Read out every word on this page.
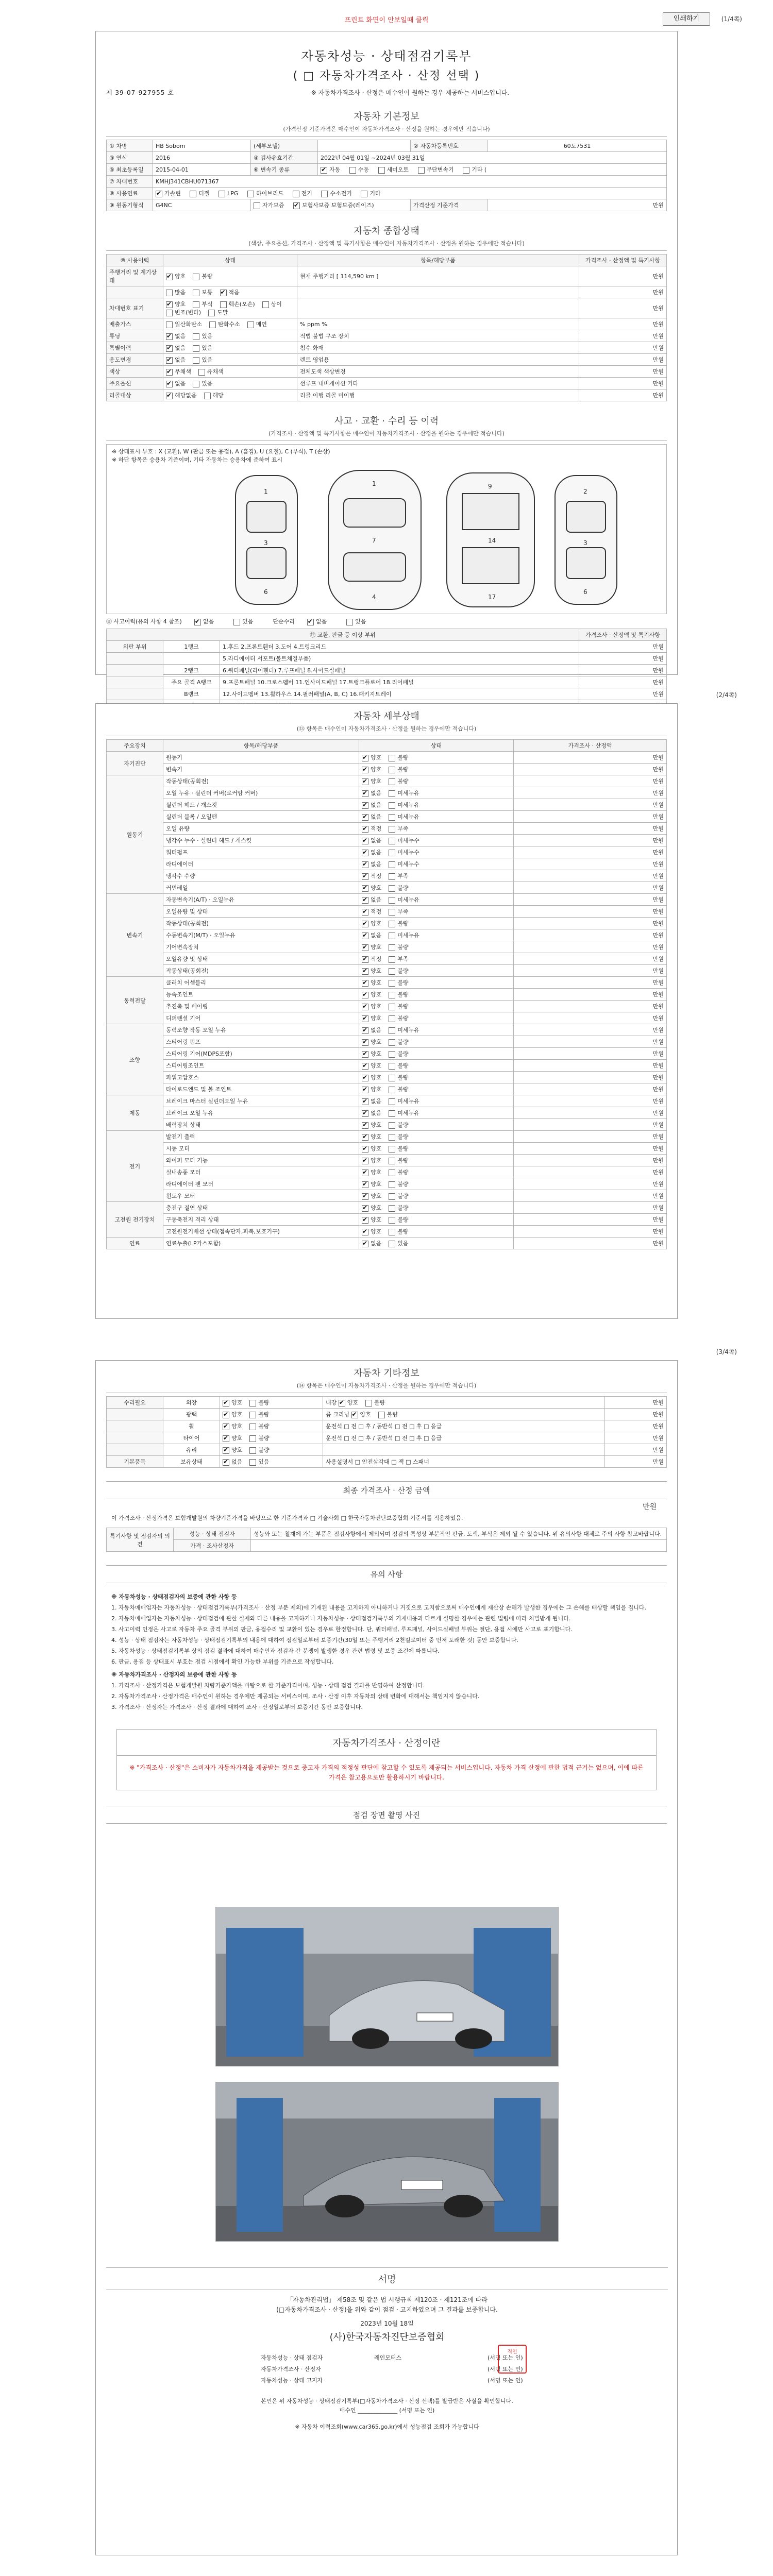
프린트 화면이 안보일때 클릭	인쇄하기	(1/4쪽)
자동차성능 · 상태점검기록부
( □ 자동차가격조사 · 산정 선택 )
제 39-07-927955 호	※ 자동차가격조사 · 산정은 매수인이 원하는 경우 제공하는 서비스입니다.
자동차 기본정보
(가격산정 기준가격은 매수인이 자동차가격조사 · 산정을 원하는 경우에만 적습니다)
① 차명	HB Sobom	(세부모델)		② 자동차등록번호	60도7531
③ 연식	2016	④ 검사유효기간	2022년 04월 01일 ~2024년 03월 31일		
⑤ 최초등록일	2015-04-01	⑥ 변속기 종류	✔자동 수동 세미오토 무단변속기 기타 (
⑦ 차대번호	KMHJ341CBHU071367				
⑧ 사용연료	✔가솔린 디젤 LPG 하이브리드 전기 수소전기 기타
⑨ 원동기형식	G4NC	자가보증 ✔ 보험사보증 보험보증(레이즈)		가격산정 기준가격	만원
자동차 종합상태
(색상, 주요옵션, 가격조사 · 산정액 및 특기사항은 매수인이 자동차가격조사 · 산정을 원하는 경우에만 적습니다)
⑩ 사용이력	상태	항목/해당부품	가격조사 · 산정액 및 특기사항
주행거리 및 계기상태	✔양호 불량	현재 주행거리 [ 114,590 km ]	만원
	많음 보통 ✔ 적음		만원
차대번호 표기	✔양호 부식 훼손(오손) 상이변조(변타) 도말		만원
배출가스	일산화탄소 탄화수소 매연	% ppm %	만원
튜닝	✔없음 있음	적법 불법 구조 장치	만원
특별이력	✔없음 있음	침수 화재	만원
용도변경	✔없음 있음	렌트 영업용	만원
색상	✔무채색 유채색	전체도색 색상변경	만원
주요옵션	✔없음 있음	선루프 내비게이션 기타	만원
리콜대상	✔해당없음 해당	리콜 이행 리콜 미이행	만원
사고 · 교환 · 수리 등 이력
(가격조사 · 산정액 및 특기사항은 매수인이 자동차가격조사 · 산정을 원하는 경우에만 적습니다)
※ 상태표시 부호 : X (교환), W (판금 또는 용접), A (흠집), U (요철), C (부식), T (손상)
※ 하단 항목은 승용차 기준이며, 기타 자동차는 승용차에 준하여 표시
1
3
6
1
7
4
9
14
17
2
3
6
⑪ 사고이력(유의 사항 4 참조) ✔	없음	있음	단순수리 ✔	없음	있음
⑫ 교환, 판금 등 이상 부위			가격조사 · 산정액 및 특기사항
외판 부위	1랭크	1.후드 2.프론트휀더 3.도어 4.트렁크리드	만원
		5.라디에이터 서포트(볼트체결부품)	만원
	2랭크	6.쿼터패널(리어휀더) 7.루프패널 8.사이드실패널	만원
	주요 골격 A랭크	9.프론트패널 10.크로스멤버 11.인사이드패널 17.트렁크플로어 18.리어패널	만원
	B랭크	12.사이드멤버 13.휠하우스 14.필러패널(A, B, C) 16.패키지트레이	만원
				(2/4쪽)
자동차 세부상태
(⑬ 항목은 매수인이 자동차가격조사 · 산정을 원하는 경우에만 적습니다)
주요장치	항목/해당부품	상태	가격조사 · 산정액
자기진단	원동기	✔양호 불량	만원
	변속기	✔양호 불량	만원
원동기	작동상태(공회전)	✔양호 불량	만원
	오일 누유 · 실린더 커버(로커암 커버)	✔없음 미세누유	만원
	실린더 헤드 / 개스킷	✔없음 미세누유	만원
	실린더 블록 / 오일팬	✔없음 미세누유	만원
	오일 유량	✔적정 부족	만원
	냉각수 누수 · 실린더 헤드 / 개스킷	✔없음 미세누수	만원
	워터펌프	✔없음 미세누수	만원
	라디에이터	✔없음 미세누수	만원
	냉각수 수량	✔적정 부족	만원
	커먼레일	✔양호 불량	만원
변속기	자동변속기(A/T) · 오일누유	✔없음 미세누유	만원
	오일유량 및 상태	✔적정 부족	만원
	작동상태(공회전)	✔양호 불량	만원
	수동변속기(M/T) · 오일누유	✔없음 미세누유	만원
	기어변속장치	✔양호 불량	만원
	오일유량 및 상태	✔적정 부족	만원
	작동상태(공회전)	✔양호 불량	만원
동력전달	클러치 어셈블리	✔양호 불량	만원
	등속조인트	✔양호 불량	만원
	추진축 및 베어링	✔양호 불량	만원
	디퍼렌셜 기어	✔양호 불량	만원
조향	동력조향 작동 오일 누유	✔없음 미세누유	만원
	스티어링 펌프	✔양호 불량	만원
	스티어링 기어(MDPS포함)	✔양호 불량	만원
	스티어링조인트	✔양호 불량	만원
	파워고압호스	✔양호 불량	만원
	타이로드엔드 및 볼 조인트	✔양호 불량	만원
제동	브레이크 마스터 실린더오일 누유	✔없음 미세누유	만원
	브레이크 오일 누유	✔없음 미세누유	만원
	배력장치 상태	✔양호 불량	만원
전기	발전기 출력	✔양호 불량	만원
	시동 모터	✔양호 불량	만원
	와이퍼 모터 기능	✔양호 불량	만원
	실내송풍 모터	✔양호 불량	만원
	라디에이터 팬 모터	✔양호 불량	만원
	윈도우 모터	✔양호 불량	만원
고전원 전기장치	충전구 절연 상태	✔양호 불량	만원
	구동축전지 격리 상태	✔양호 불량	만원
	고전원전기배선 상태(접속단자,피복,보호기구)	✔양호 불량	만원
연료	연료누출(LP가스포함)	✔없음 있음	만원
(3/4쪽)
자동차 기타정보
(⑭ 항목은 매수인이 자동차가격조사 · 산정을 원하는 경우에만 적습니다)
수리필요	외장	✔양호 불량	내장 ✔양호 불량	만원
	광택	✔양호 불량	룸 크리닝 ✔양호 불량	만원
	휠	✔양호 불량	운전석 □ 전 □ 후 / 동반석 □ 전 □ 후 □ 응급	만원
	타이어	✔양호 불량	운전석 □ 전 □ 후 / 동반석 □ 전 □ 후 □ 응급	만원
	유리	✔양호 불량		만원
기본품목	보유상태	✔없음 있음	사용설명서 □ 안전삼각대 □ 잭 □ 스패너	만원
최종 가격조사 · 산정 금액
만원
이 가격조사 · 산정가격은 보험개발원의 차량기준가격을 바탕으로 한 기준가격과 □ 기술사회 □ 한국자동차진단보증협회 기준서를 적용하였음.
특기사항 및 점검자의 의견	성능 · 상태 점검자	성능와 또는 철재에 가는 부품은 점검사항에서 제외되며 점검의 특성상 부분적인 판금, 도색, 부식은 제외 될 수 있습니다. 위 유의사항 대체로 주의 사항 참고바랍니다.
	가격 · 조사산정자	
유의 사항

※ 자동차성능 · 상태점검자의 보증에 관한 사항 등

1. 자동차매매업자는 자동차성능 · 상태점검기록부(가격조사 · 산정 부분 제외)에 기재된 내용을 고지하지 아니하거나 거짓으로 고지함으로써 매수인에게 재산상 손해가 발생한 경우에는 그 손해를 배상할 책임을 집니다.

2. 자동차매매업자는 자동차성능 · 상태점검에 관한 실제와 다른 내용을 고지하거나 자동차성능 · 상태점검기록부의 기재내용과 다르게 설명한 경우에는 관련 법령에 따라 처벌받게 됩니다.

3. 사고이력 인정은 사고로 자동차 주요 골격 부위의 판금, 용접수리 및 교환이 있는 경우로 한정합니다. 단, 쿼터패널, 루프패널, 사이드실패널 부위는 절단, 용접 시에만 사고로 표기합니다.

4. 성능 · 상태 점검자는 자동차성능 · 상태점검기록부의 내용에 대하여 점검일로부터 보증기간(30일 또는 주행거리 2천킬로미터 중 먼저 도래한 것) 동안 보증합니다.

5. 자동차성능 · 상태점검기록부 상의 점검 결과에 대하여 매수인과 점검자 간 분쟁이 발생한 경우 관련 법령 및 보증 조건에 따릅니다.

6. 판금, 용접 등 상태표시 부호는 점검 시점에서 확인 가능한 부위를 기준으로 작성합니다.

※ 자동차가격조사 · 산정자의 보증에 관한 사항 등

1. 가격조사 · 산정가격은 보험개발원 차량기준가액을 바탕으로 한 기준가격이며, 성능 · 상태 점검 결과를 반영하여 산정합니다.

2. 자동차가격조사 · 산정가격은 매수인이 원하는 경우에만 제공되는 서비스이며, 조사 · 산정 이후 자동차의 상태 변화에 대해서는 책임지지 않습니다.

3. 가격조사 · 산정자는 가격조사 · 산정 결과에 대하여 조사 · 산정일로부터 보증기간 동안 보증합니다.

자동차가격조사 · 산정이란
※ "가격조사 · 산정"은 소비자가 자동차가격을 제공받는 것으로 중고자 가격의 적정성 판단에 참고할 수 있도록 제공되는 서비스입니다. 자동차 가격 산정에 관한 법적 근거는 없으며, 이에 따른 가격은 참고용으로만 활용하시기 바랍니다.
점검 장면 촬영 사진
서명
「자동차관리법」 제58조 및 같은 법 시행규칙 제120조 · 제121조에 따라
(□자동차가격조사 · 산정)을 위와 같이 점검 · 고지하였으며 그 결과를 보증합니다.
2023년 10월 18일
(사)한국자동차진단보증협회
자동차성능 · 상태 점검자	레인모터스	(서명 또는 인)
자동차가격조사 · 산정자	(서명 또는 인)
자동차성능 · 상태 고지자	(서명 또는 인)
직인
본인은 위 자동차성능 · 상태점검기록부(□자동차가격조사 · 산정 선택)를 발급받은 사실을 확인합니다.
매수인 ______________ (서명 또는 인)
※ 자동차 이력조회(www.car365.go.kr)에서 성능점검 조회가 가능합니다
